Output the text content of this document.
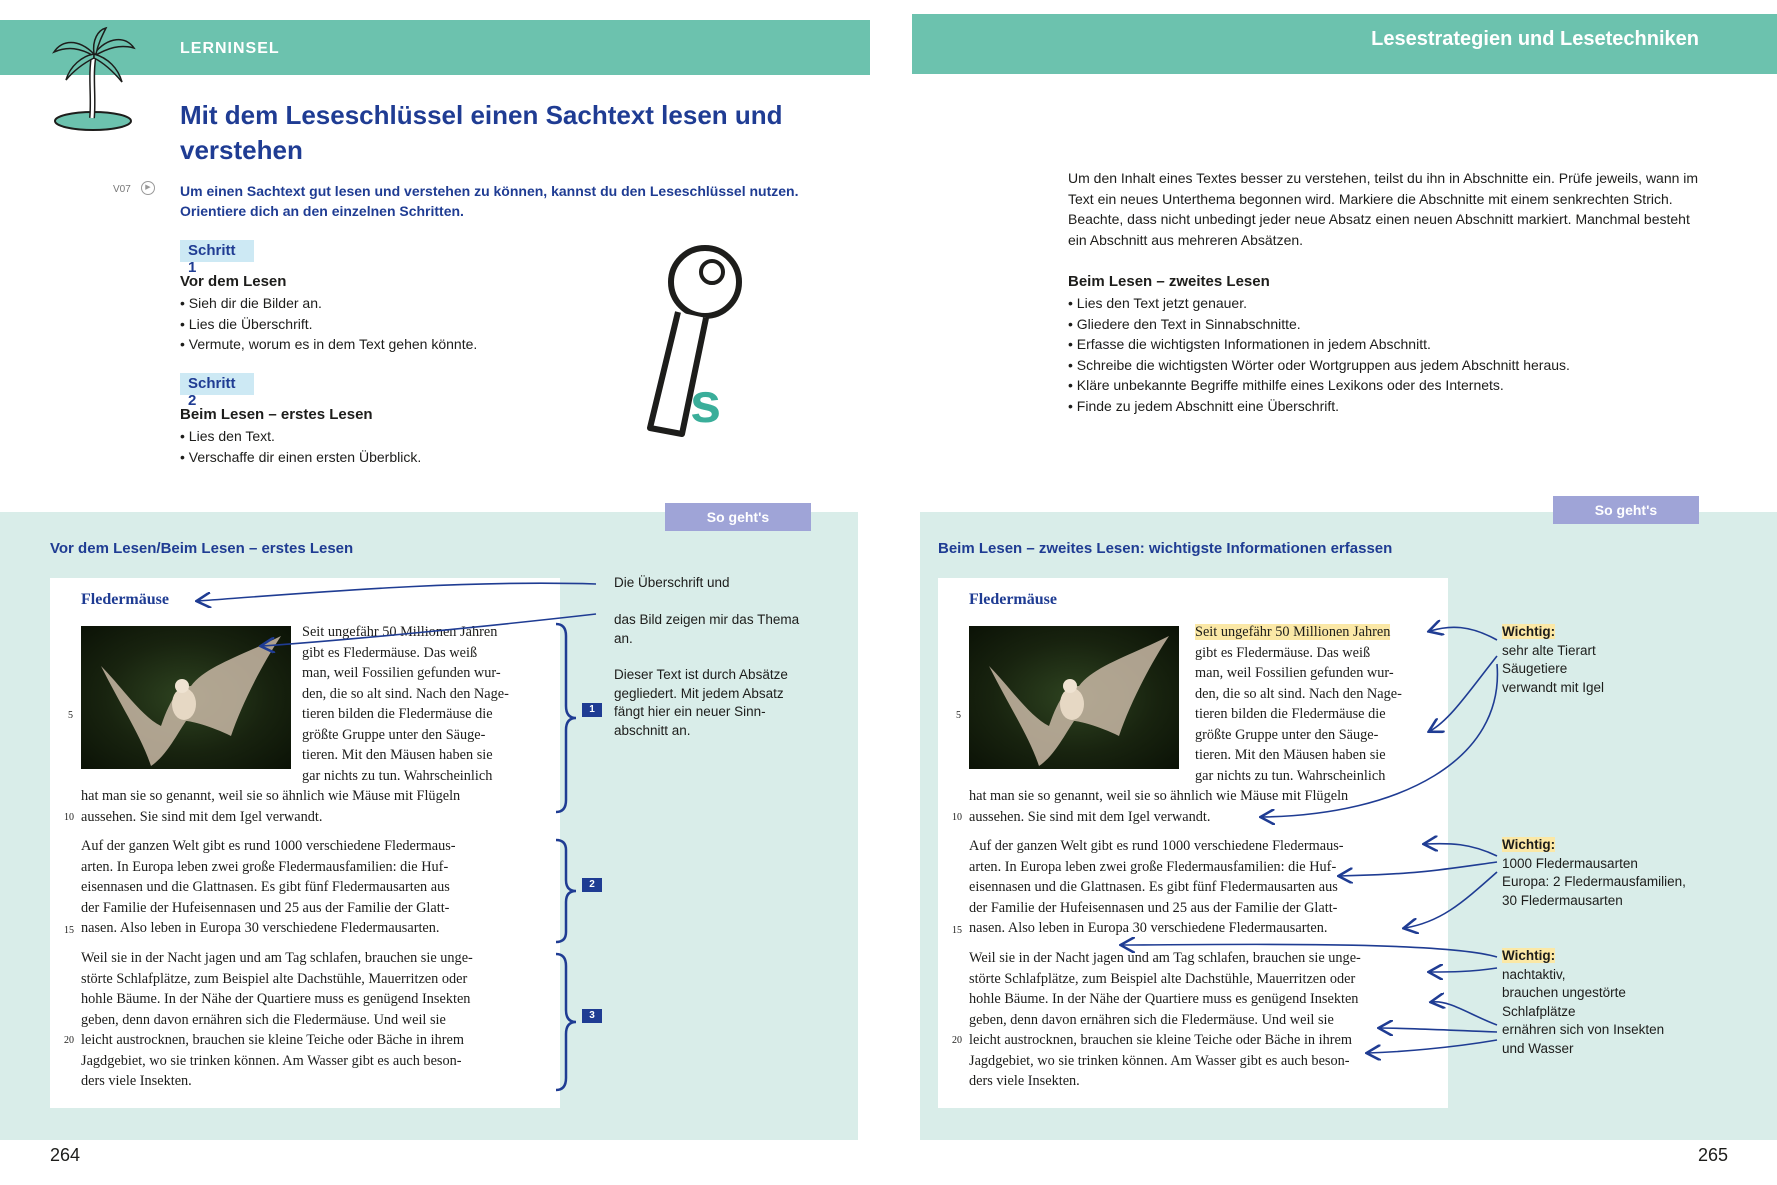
LERNINSEL	Lesestrategien und Lesetechniken
Mit dem Leseschlüssel einen Sachtext lesen und verstehen
V07	▶	Um einen Sachtext gut lesen und verstehen zu können, kannst du den Leseschlüssel nutzen. Orientiere dich an den einzelnen Schritten.
Schritt 1
Vor dem Lesen
• Sieh dir die Bilder an.
• Lies die Überschrift.
• Vermute, worum es in dem Text gehen könnte.
Schritt 2
Beim Lesen – erstes Lesen
• Lies den Text.
• Verschaffe dir einen ersten Überblick.
s
Um den Inhalt eines Textes besser zu verstehen, teilst du ihn in Abschnitte ein. Prüfe jeweils, wann im Text ein neues Unterthema begonnen wird. Markiere die Abschnitte mit einem senkrechten Strich. Beachte, dass nicht unbedingt jeder neue Absatz einen neuen Abschnitt markiert. Manchmal besteht ein Abschnitt aus mehreren Absätzen.
Beim Lesen – zweites Lesen
• Lies den Text jetzt genauer.
• Gliedere den Text in Sinnabschnitte.
• Erfasse die wichtigsten Informationen in jedem Abschnitt.
• Schreibe die wichtigsten Wörter oder Wortgruppen aus jedem Abschnitt heraus.
• Kläre unbekannte Begriffe mithilfe eines Lexikons oder des Internets.
• Finde zu jedem Abschnitt eine Überschrift.
So geht's	So geht's
Vor dem Lesen/Beim Lesen – erstes Lesen	Beim Lesen – zweites Lesen: wichtigste Informationen erfassen
Fledermäuse
Seit ungefähr 50 Millionen Jahren
gibt es Fledermäuse. Das weiß
man, weil Fossilien gefunden wur-
den, die so alt sind. Nach den Nage-
tieren bilden die Fledermäuse die
größte Gruppe unter den Säuge-
tieren. Mit den Mäusen haben sie
gar nichts zu tun. Wahrscheinlich
hat man sie so genannt, weil sie so ähnlich wie Mäuse mit Flügeln
aussehen. Sie sind mit dem Igel verwandt.
Auf der ganzen Welt gibt es rund 1000 verschiedene Fledermaus-
arten. In Europa leben zwei große Fledermausfamilien: die Huf-
eisennasen und die Glattnasen. Es gibt fünf Fledermausarten aus
der Familie der Hufeisennasen und 25 aus der Familie der Glatt-
nasen. Also leben in Europa 30 verschiedene Fledermausarten.
Weil sie in der Nacht jagen und am Tag schlafen, brauchen sie unge-
störte Schlafplätze, zum Beispiel alte Dachstühle, Mauerritzen oder
hohle Bäume. In der Nähe der Quartiere muss es genügend Insekten
geben, denn davon ernähren sich die Fledermäuse. Und weil sie
leicht austrocknen, brauchen sie kleine Teiche oder Bäche in ihrem
Jagdgebiet, wo sie trinken können. Am Wasser gibt es auch beson-
ders viele Insekten.
5
10
15
20
1
2
3
Die Überschrift und
das Bild zeigen mir das Thema an.
Dieser Text ist durch Absätze gegliedert. Mit jedem Absatz fängt hier ein neuer Sinn-abschnitt an.
Fledermäuse
Seit ungefähr 50 Millionen Jahren
gibt es Fledermäuse. Das weiß
man, weil Fossilien gefunden wur-
den, die so alt sind. Nach den Nage-
tieren bilden die Fledermäuse die
größte Gruppe unter den Säuge-
tieren. Mit den Mäusen haben sie
gar nichts zu tun. Wahrscheinlich
hat man sie so genannt, weil sie so ähnlich wie Mäuse mit Flügeln
aussehen. Sie sind mit dem Igel verwandt.
Auf der ganzen Welt gibt es rund 1000 verschiedene Fledermaus-
arten. In Europa leben zwei große Fledermausfamilien: die Huf-
eisennasen und die Glattnasen. Es gibt fünf Fledermausarten aus
der Familie der Hufeisennasen und 25 aus der Familie der Glatt-
nasen. Also leben in Europa 30 verschiedene Fledermausarten.
Weil sie in der Nacht jagen und am Tag schlafen, brauchen sie unge-
störte Schlafplätze, zum Beispiel alte Dachstühle, Mauerritzen oder
hohle Bäume. In der Nähe der Quartiere muss es genügend Insekten
geben, denn davon ernähren sich die Fledermäuse. Und weil sie
leicht austrocknen, brauchen sie kleine Teiche oder Bäche in ihrem
Jagdgebiet, wo sie trinken können. Am Wasser gibt es auch beson-
ders viele Insekten.
5
10
15
20
Wichtig:
sehr alte Tierart
Säugetiere
verwandt mit Igel
Wichtig:
1000 Fledermausarten
Europa: 2 Fledermausfamilien,
30 Fledermausarten
Wichtig:
nachtaktiv,
brauchen ungestörte
Schlafplätze
ernähren sich von Insekten
und Wasser
264	265
